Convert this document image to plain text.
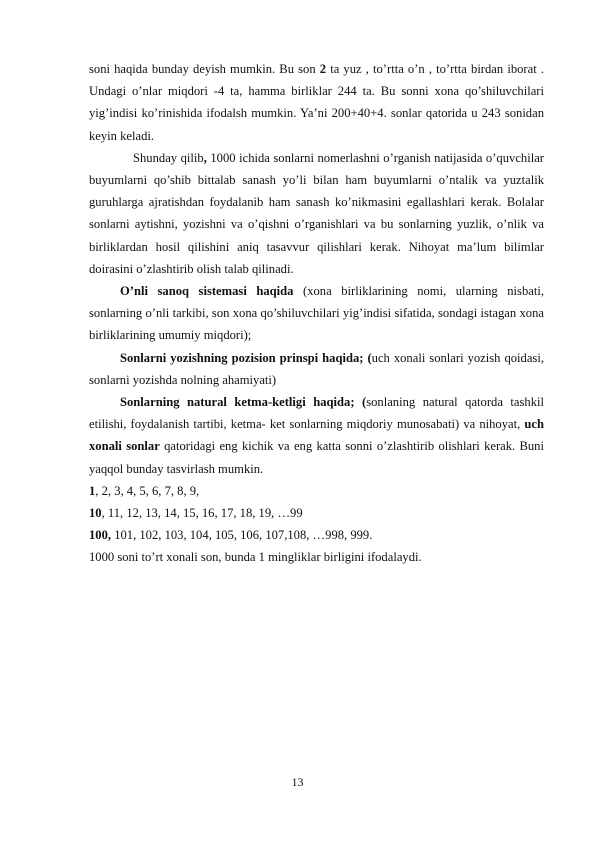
soni haqida bunday deyish mumkin. Bu son 2 ta yuz , to’rtta o’n , to’rtta birdan iborat . Undagi o’nlar miqdori -4 ta, hamma birliklar 244 ta. Bu sonni xona qo’shiluvchilari yig’indisi ko’rinishida ifodalsh mumkin. Ya’ni 200+40+4. sonlar qatorida u 243 sonidan keyin keladi.

Shunday qilib, 1000 ichida sonlarni nomerlashni o’rganish natijasida o’quvchilar buyumlarni qo’shib bittalab sanash yo’li bilan ham buyumlarni o’ntalik va yuztalik guruhlarga ajratishdan foydalanib ham sanash ko’nikmasini egallashlari kerak. Bolalar sonlarni aytishni, yozishni va o’qishni o’rganishlari va bu sonlarning yuzlik, o’nlik va birliklardan hosil qilishini aniq tasavvur qilishlari kerak. Nihoyat ma’lum bilimlar doirasini o’zlashtirib olish talab qilinadi.

O’nli sanoq sistemasi haqida (xona birliklarining nomi, ularning nisbati, sonlarning o’nli tarkibi, son xona qo’shiluvchilari yig’indisi sifatida, sondagi istagan xona birliklarining umumiy miqdori);

Sonlarni yozishning pozision prinspi haqida; (uch xonali sonlari yozish qoidasi, sonlarni yozishda nolning ahamiyati)

Sonlarning natural ketma-ketligi haqida; (sonlaning natural qatorda tashkil etilishi, foydalanish tartibi, ketma- ket sonlarning miqdoriy munosabati) va nihoyat, uch xonali sonlar qatoridagi eng kichik va eng katta sonni o’zlashtirib olishlari kerak. Buni yaqqol bunday tasvirlash mumkin.

1, 2, 3, 4, 5, 6, 7, 8, 9,

10, 11, 12, 13, 14, 15, 16, 17, 18, 19, …99

100, 101, 102, 103, 104, 105, 106, 107,108, …998, 999.

1000 soni to’rt xonali son, bunda 1 mingliklar birligini ifodalaydi.

13
